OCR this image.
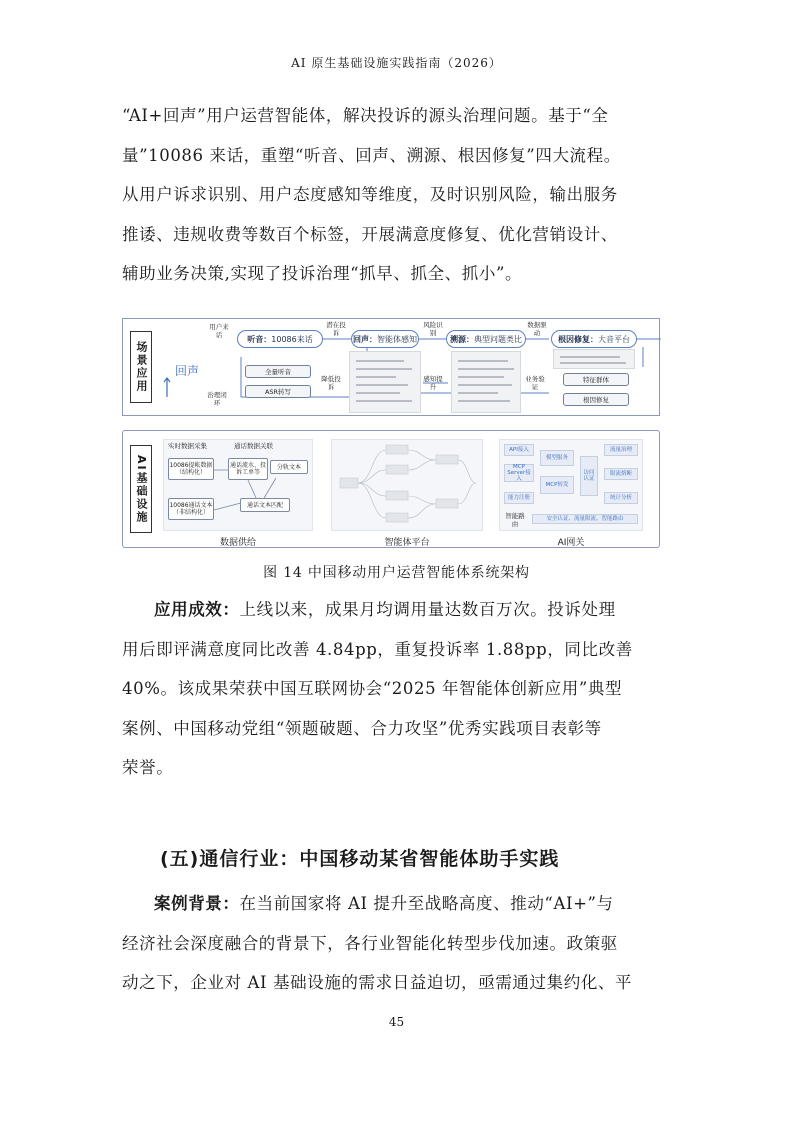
AI 原生基础设施实践指南（2026）
“AI+回声”用户运营智能体，解决投诉的源头治理问题。基于“全
量”10086 来话，重塑“听音、回声、溯源、根因修复”四大流程。
从用户诉求识别、用户态度感知等维度，及时识别风险，输出服务
推诿、违规收费等数百个标签，开展满意度修复、优化营销设计、
辅助业务决策,实现了投诉治理“抓早、抓全、抓小”。
场景应用	回声
听音：10086来话	回声：智能体感知	溯源：典型问题类比	根因修复：大音平台
用户来话
潜在投诉
风险识别
数据驱动
治理闭环
降低投诉
感知提升
业务验证
全量听音
ASR转写
特征群体
根因修复
AI基础设施
实时数据采集	通话数据关联
10086提帐数据（结构化）
10086通话文本（非结构化）
通话流水、投诉工单等
分轨文本
通话文本匹配
API接入
MCP Server接入
能力注册
模型服务
MCP转发
访问认证
流量治理
限流熔断
统计分析
智能路由
安全认证、流量限流、智能路由
数据供给	智能体平台	AI网关
图 14 中国移动用户运营智能体系统架构
应用成效：上线以来，成果月均调用量达数百万次。投诉处理
用后即评满意度同比改善 4.84pp，重复投诉率 1.88pp，同比改善
40%。该成果荣获中国互联网协会“2025 年智能体创新应用”典型
案例、中国移动党组“领题破题、合力攻坚”优秀实践项目表彰等
荣誉。
(五)通信行业：中国移动某省智能体助手实践
案例背景：在当前国家将 AI 提升至战略高度、推动“AI+”与
经济社会深度融合的背景下，各行业智能化转型步伐加速。政策驱
动之下，企业对 AI 基础设施的需求日益迫切，亟需通过集约化、平
45
